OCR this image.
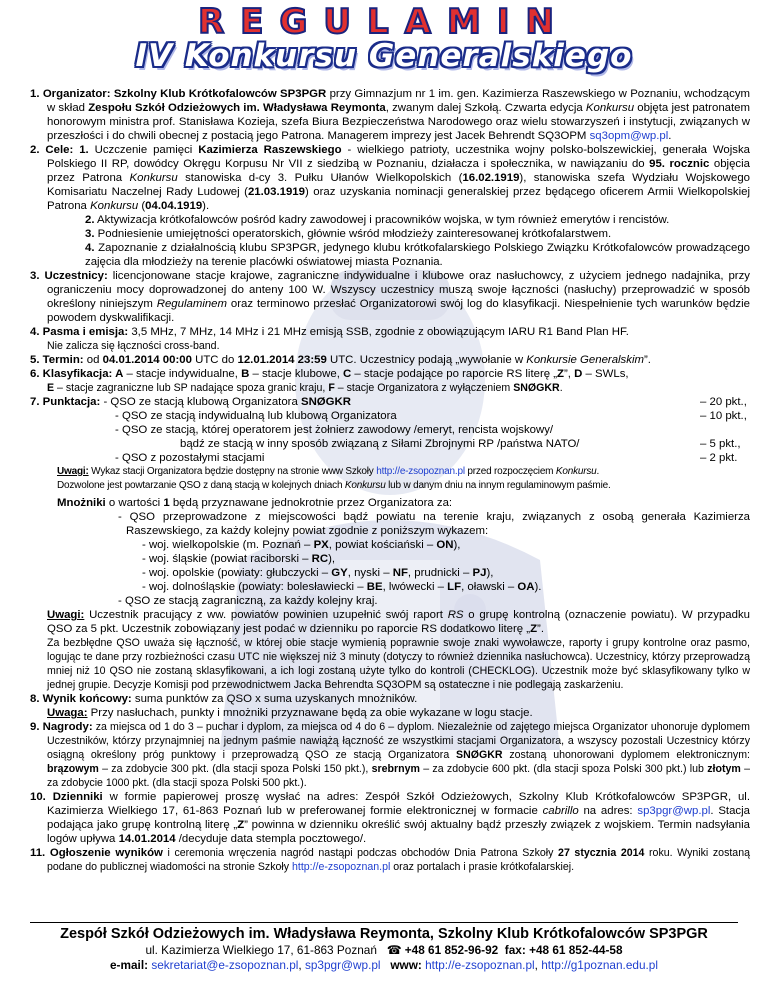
REGULAMIN
IV Konkursu Generalskiego
1. Organizator: Szkolny Klub Krótkofalowców SP3PGR przy Gimnazjum nr 1 im. gen. Kazimierza Raszewskiego w Poznaniu, wchodzącym w skład Zespołu Szkół Odzieżowych im. Władysława Reymonta, zwanym dalej Szkołą. Czwarta edycja Konkursu objęta jest patronatem honorowym ministra prof. Stanisława Kozieja, szefa Biura Bezpieczeństwa Narodowego oraz wielu stowarzyszeń i instytucji, związanych w przeszłości i do chwili obecnej z postacią jego Patrona. Managerem imprezy jest Jacek Behrendt SQ3OPM sq3opm@wp.pl.
2. Cele: 1. Uczczenie pamięci Kazimierza Raszewskiego - wielkiego patrioty, uczestnika wojny polsko-bolszewickiej, generała Wojska Polskiego II RP, dowódcy Okręgu Korpusu Nr VII z siedzibą w Poznaniu, działacza i społecznika, w nawiązaniu do 95. rocznic objęcia przez Patrona Konkursu stanowiska d-cy 3. Pułku Ułanów Wielkopolskich (16.02.1919), stanowiska szefa Wydziału Wojskowego Komisariatu Naczelnej Rady Ludowej (21.03.1919) oraz uzyskania nominacji generalskiej przez będącego oficerem Armii Wielkopolskiej Patrona Konkursu (04.04.1919).
2. Aktywizacja krótkofalowców pośród kadry zawodowej i pracowników wojska, w tym również emerytów i rencistów.
3. Podniesienie umiejętności operatorskich, głównie wśród młodzieży zainteresowanej krótkofalarstwem.
4. Zapoznanie z działalnością klubu SP3PGR, jedynego klubu krótkofalarskiego Polskiego Związku Krótkofalowców prowadzącego zajęcia dla młodzieży na terenie placówki oświatowej miasta Poznania.
3. Uczestnicy: licencjonowane stacje krajowe, zagraniczne indywidualne i klubowe oraz nasłuchowcy, z użyciem jednego nadajnika, przy ograniczeniu mocy doprowadzonej do anteny 100 W. Wszyscy uczestnicy muszą swoje łączności (nasłuchy) przeprowadzić w sposób określony niniejszym Regulaminem oraz terminowo przesłać Organizatorowi swój log do klasyfikacji. Niespełnienie tych warunków będzie powodem dyskwalifikacji.
4. Pasma i emisja: 3,5 MHz, 7 MHz, 14 MHz i 21 MHz emisją SSB, zgodnie z obowiązującym IARU R1 Band Plan HF.
Nie zalicza się łączności cross-band.
5. Termin: od 04.01.2014 00:00 UTC do 12.01.2014 23:59 UTC. Uczestnicy podają „wywołanie w Konkursie Generalskim”.
6. Klasyfikacja: A – stacje indywidualne, B – stacje klubowe, C – stacje podające po raporcie RS literę „Z”, D – SWLs,
E – stacje zagraniczne lub SP nadające spoza granic kraju, F – stacje Organizatora z wyłączeniem SNØGKR.
7. Punktacja: - QSO ze stacją klubową Organizatora SNØGKR	– 20 pkt.,
- QSO ze stacją indywidualną lub klubową Organizatora	– 10 pkt.,
- QSO ze stacją, której operatorem jest żołnierz zawodowy /emeryt, rencista wojskowy/
bądź ze stacją w inny sposób związaną z Siłami Zbrojnymi RP /państwa NATO/	– 5 pkt.,
- QSO z pozostałymi stacjami	– 2 pkt.
Uwagi: Wykaz stacji Organizatora będzie dostępny na stronie www Szkoły http://e-zsopoznan.pl przed rozpoczęciem Konkursu.
Dozwolone jest powtarzanie QSO z daną stacją w kolejnych dniach Konkursu lub w danym dniu na innym regulaminowym paśmie.
Mnożniki o wartości 1 będą przyznawane jednokrotnie przez Organizatora za:
- QSO przeprowadzone z miejscowości bądź powiatu na terenie kraju, związanych z osobą generała Kazimierza Raszewskiego, za każdy kolejny powiat zgodnie z poniższym wykazem:
- woj. wielkopolskie (m. Poznań – PX, powiat kościański – ON),
- woj. śląskie (powiat raciborski – RC),
- woj. opolskie (powiaty: głubczycki – GY, nyski – NF, prudnicki – PJ),
- woj. dolnośląskie (powiaty: bolesławiecki – BE, lwówecki – LF, oławski – OA).
- QSO ze stacją zagraniczną, za każdy kolejny kraj.
Uwagi: Uczestnik pracujący z ww. powiatów powinien uzupełnić swój raport RS o grupę kontrolną (oznaczenie powiatu). W przypadku QSO za 5 pkt. Uczestnik zobowiązany jest podać w dzienniku po raporcie RS dodatkowo literę „Z”.
Za bezbłędne QSO uważa się łączność, w której obie stacje wymienią poprawnie swoje znaki wywoławcze, raporty i grupy kontrolne oraz pasmo, logując te dane przy rozbieżności czasu UTC nie większej niż 3 minuty (dotyczy to również dziennika nasłuchowca). Uczestnicy, którzy przeprowadzą mniej niż 10 QSO nie zostaną sklasyfikowani, a ich logi zostaną użyte tylko do kontroli (CHECKLOG). Uczestnik może być sklasyfikowany tylko w jednej grupie. Decyzje Komisji pod przewodnictwem Jacka Behrendta SQ3OPM są ostateczne i nie podlegają zaskarżeniu.
8. Wynik końcowy: suma punktów za QSO x suma uzyskanych mnożników.
Uwaga: Przy nasłuchach, punkty i mnożniki przyznawane będą za obie wykazane w logu stacje.
9. Nagrody: za miejsca od 1 do 3 – puchar i dyplom, za miejsca od 4 do 6 – dyplom. Niezależnie od zajętego miejsca Organizator uhonoruje dyplomem Uczestników, którzy przynajmniej na jednym paśmie nawiążą łączność ze wszystkimi stacjami Organizatora, a wszyscy pozostali Uczestnicy którzy osiągną określony próg punktowy i przeprowadzą QSO ze stacją Organizatora SNØGKR zostaną uhonorowani dyplomem elektronicznym: brązowym – za zdobycie 300 pkt. (dla stacji spoza Polski 150 pkt.), srebrnym – za zdobycie 600 pkt. (dla stacji spoza Polski 300 pkt.) lub złotym – za zdobycie 1000 pkt. (dla stacji spoza Polski 500 pkt.).
10. Dzienniki w formie papierowej proszę wysłać na adres: Zespół Szkół Odzieżowych, Szkolny Klub Krótkofalowców SP3PGR, ul. Kazimierza Wielkiego 17, 61-863 Poznań lub w preferowanej formie elektronicznej w formacie cabrillo na adres: sp3pgr@wp.pl. Stacja podająca jako grupę kontrolną literę „Z” powinna w dzienniku określić swój aktualny bądź przeszły związek z wojskiem. Termin nadsyłania logów upływa 14.01.2014 /decyduje data stempla pocztowego/.
11. Ogłoszenie wyników i ceremonia wręczenia nagród nastąpi podczas obchodów Dnia Patrona Szkoły 27 stycznia 2014 roku. Wyniki zostaną podane do publicznej wiadomości na stronie Szkoły http://e-zsopoznan.pl oraz portalach i prasie krótkofalarskiej.
Zespół Szkół Odzieżowych im. Władysława Reymonta, Szkolny Klub Krótkofalowców SP3PGR
ul. Kazimierza Wielkiego 17, 61-863 Poznań ☎ +48 61 852-96-92 fax: +48 61 852-44-58
e-mail: sekretariat@e-zsopoznan.pl, sp3pgr@wp.pl www: http://e-zsopoznan.pl, http://g1poznan.edu.pl
